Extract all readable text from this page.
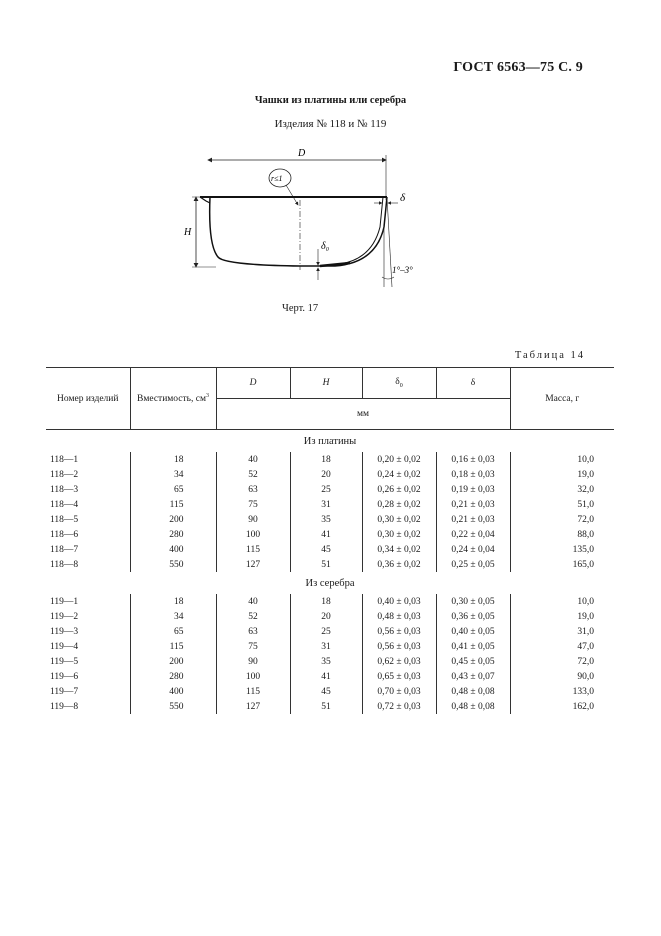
ГОСТ 6563—75 С. 9
Чашки из платины или серебра
Изделия № 118 и № 119
D
r≤1
H
δ₀
δ
1°–3°
Черт. 17
Таблица 14
Номер изделий	Вместимость, $см^3$	D	H	$\delta_0$	δ	Масса, г
		мм				
Из платины						
118—1	18	40	18	0,20 ± 0,02	0,16 ± 0,03	10,0
118—2	34	52	20	0,24 ± 0,02	0,18 ± 0,03	19,0
118—3	65	63	25	0,26 ± 0,02	0,19 ± 0,03	32,0
118—4	115	75	31	0,28 ± 0,02	0,21 ± 0,03	51,0
118—5	200	90	35	0,30 ± 0,02	0,21 ± 0,03	72,0
118—6	280	100	41	0,30 ± 0,02	0,22 ± 0,04	88,0
118—7	400	115	45	0,34 ± 0,02	0,24 ± 0,04	135,0
118—8	550	127	51	0,36 ± 0,02	0,25 ± 0,05	165,0
Из серебра						
119—1	18	40	18	0,40 ± 0,03	0,30 ± 0,05	10,0
119—2	34	52	20	0,48 ± 0,03	0,36 ± 0,05	19,0
119—3	65	63	25	0,56 ± 0,03	0,40 ± 0,05	31,0
119—4	115	75	31	0,56 ± 0,03	0,41 ± 0,05	47,0
119—5	200	90	35	0,62 ± 0,03	0,45 ± 0,05	72,0
119—6	280	100	41	0,65 ± 0,03	0,43 ± 0,07	90,0
119—7	400	115	45	0,70 ± 0,03	0,48 ± 0,08	133,0
119—8	550	127	51	0,72 ± 0,03	0,48 ± 0,08	162,0
